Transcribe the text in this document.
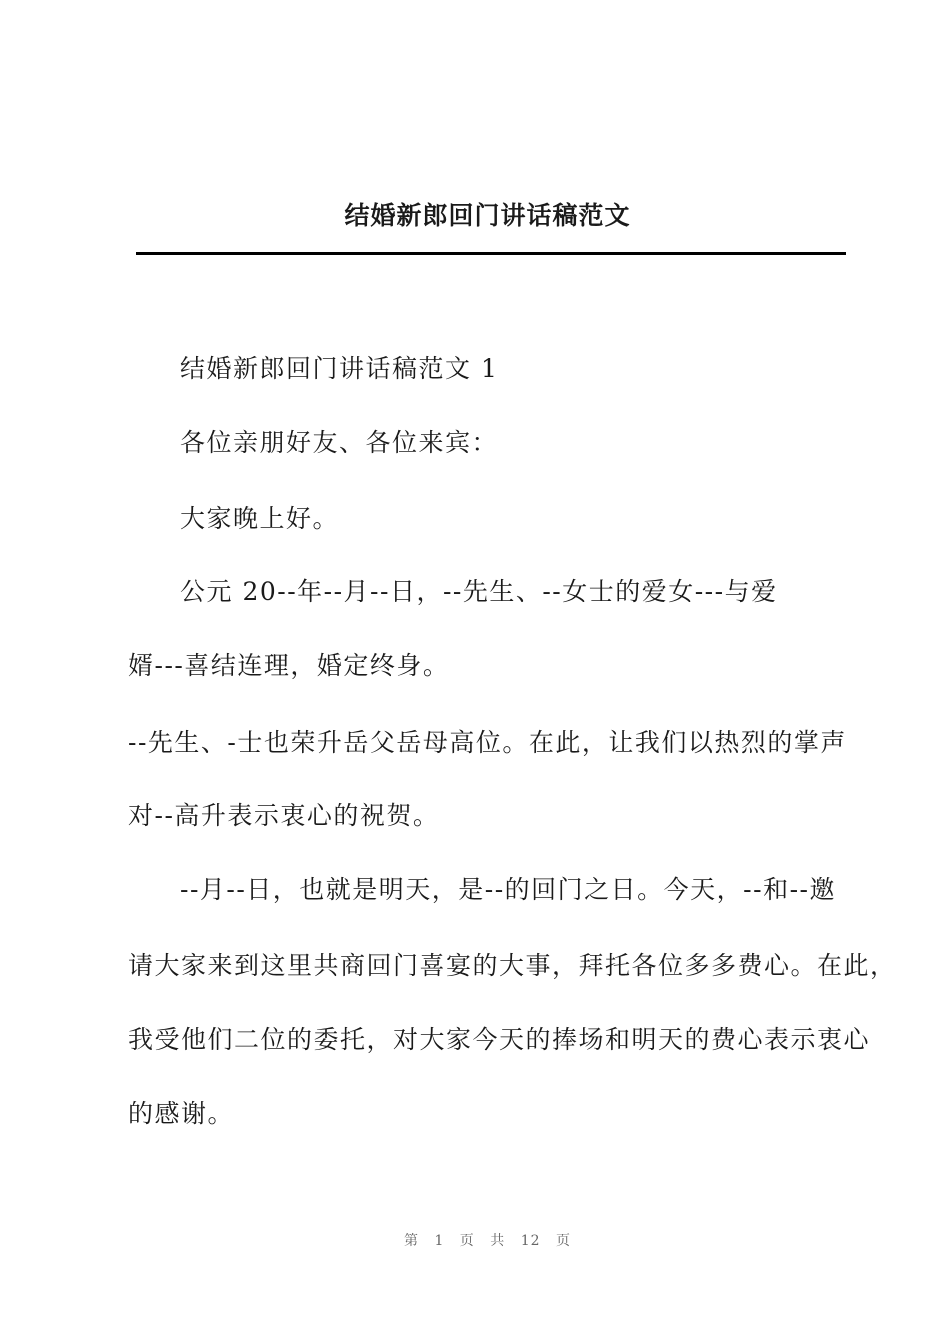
结婚新郎回门讲话稿范文
结婚新郎回门讲话稿范文 1
各位亲朋好友、各位来宾：
大家晚上好。
公元 20--年--月--日，--先生、--女士的爱女---与爱
婿---喜结连理，婚定终身。
--先生、-士也荣升岳父岳母高位。在此，让我们以热烈的掌声
对--高升表示衷心的祝贺。
--月--日，也就是明天，是--的回门之日。今天，--和--邀
请大家来到这里共商回门喜宴的大事，拜托各位多多费心。在此，
我受他们二位的委托，对大家今天的捧场和明天的费心表示衷心
的感谢。
第 1 页 共 12 页
